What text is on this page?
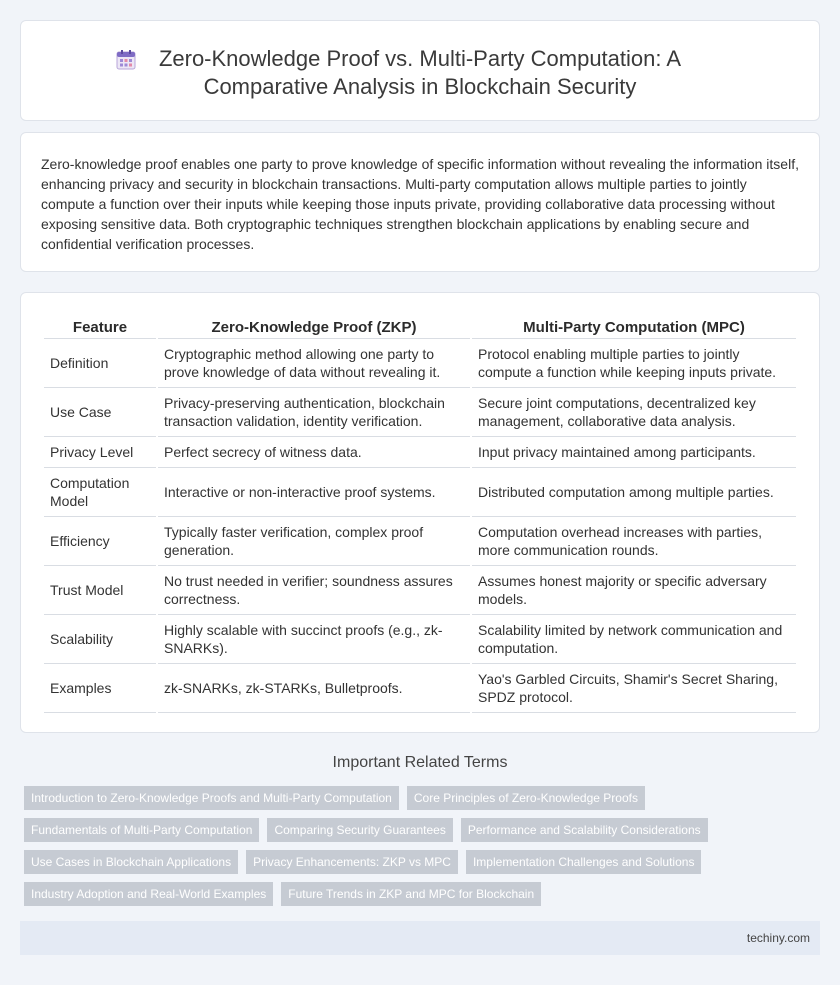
Zero-Knowledge Proof vs. Multi-Party Computation: A Comparative Analysis in Blockchain Security

Zero-knowledge proof enables one party to prove knowledge of specific information without revealing the information itself, enhancing privacy and security in blockchain transactions. Multi-party computation allows multiple parties to jointly compute a function over their inputs while keeping those inputs private, providing collaborative data processing without exposing sensitive data. Both cryptographic techniques strengthen blockchain applications by enabling secure and confidential verification processes.

Feature	Zero-Knowledge Proof (ZKP)	Multi-Party Computation (MPC)
Definition	Cryptographic method allowing one party to prove knowledge of data without revealing it.	Protocol enabling multiple parties to jointly compute a function while keeping inputs private.
Use Case	Privacy-preserving authentication, blockchain transaction validation, identity verification.	Secure joint computations, decentralized key management, collaborative data analysis.
Privacy Level	Perfect secrecy of witness data.	Input privacy maintained among participants.
Computation Model	Interactive or non-interactive proof systems.	Distributed computation among multiple parties.
Efficiency	Typically faster verification, complex proof generation.	Computation overhead increases with parties, more communication rounds.
Trust Model	No trust needed in verifier; soundness assures correctness.	Assumes honest majority or specific adversary models.
Scalability	Highly scalable with succinct proofs (e.g., zk-SNARKs).	Scalability limited by network communication and computation.
Examples	zk-SNARKs, zk-STARKs, Bulletproofs.	Yao's Garbled Circuits, Shamir's Secret Sharing, SPDZ protocol.
Important Related Terms
Introduction to Zero-Knowledge Proofs and Multi-Party Computation	Core Principles of Zero-Knowledge Proofs
Fundamentals of Multi-Party Computation	Comparing Security Guarantees	Performance and Scalability Considerations
Use Cases in Blockchain Applications	Privacy Enhancements: ZKP vs MPC	Implementation Challenges and Solutions
Industry Adoption and Real-World Examples	Future Trends in ZKP and MPC for Blockchain
techiny.com
